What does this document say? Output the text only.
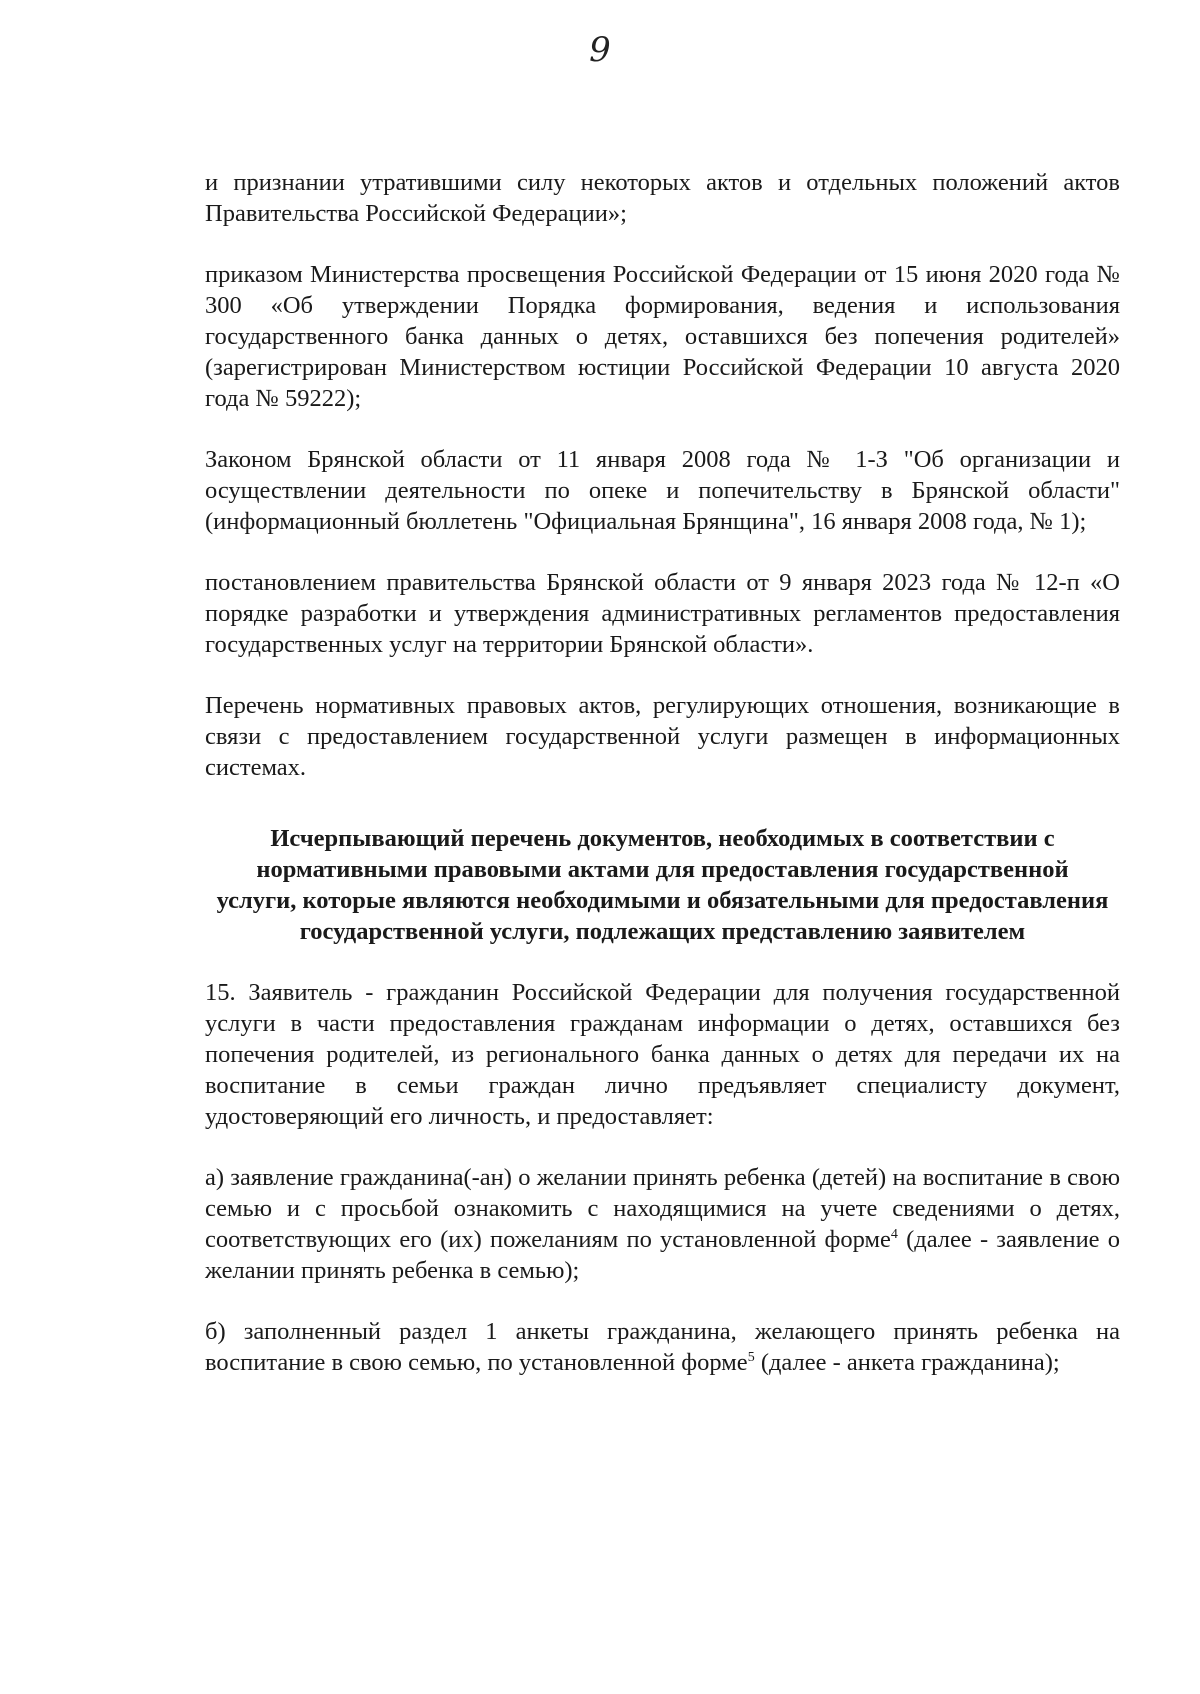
9

и признании утратившими силу некоторых актов и отдельных положений актов Правительства Российской Федерации»;

приказом Министерства просвещения Российской Федерации от 15 июня 2020 года № 300 «Об утверждении Порядка формирования, ведения и использования государственного банка данных о детях, оставшихся без попечения родителей» (зарегистрирован Министерством юстиции Российской Федерации 10 августа 2020 года № 59222);

Законом Брянской области от 11 января 2008 года № 1-З "Об организации и осуществлении деятельности по опеке и попечительству в Брянской области" (информационный бюллетень "Официальная Брянщина", 16 января 2008 года, № 1);

постановлением правительства Брянской области от 9 января 2023 года № 12-п «О порядке разработки и утверждения административных регламентов предоставления государственных услуг на территории Брянской области».

Перечень нормативных правовых актов, регулирующих отношения, возникающие в связи с предоставлением государственной услуги размещен в информационных системах.

Исчерпывающий перечень документов, необходимых в соответствии с нормативными правовыми актами для предоставления государственной услуги, которые являются необходимыми и обязательными для предоставления государственной услуги, подлежащих представлению заявителем

15. Заявитель - гражданин Российской Федерации для получения государственной услуги в части предоставления гражданам информации о детях, оставшихся без попечения родителей, из регионального банка данных о детях для передачи их на воспитание в семьи граждан лично предъявляет специалисту документ, удостоверяющий его личность, и предоставляет:

а) заявление гражданина(-ан) о желании принять ребенка (детей) на воспитание в свою семью и с просьбой ознакомить с находящимися на учете сведениями о детях, соответствующих его (их) пожеланиям по установленной форме$^4$ (далее - заявление о желании принять ребенка в семью);

б) заполненный раздел 1 анкеты гражданина, желающего принять ребенка на воспитание в свою семью, по установленной форме$^5$ (далее - анкета гражданина);
